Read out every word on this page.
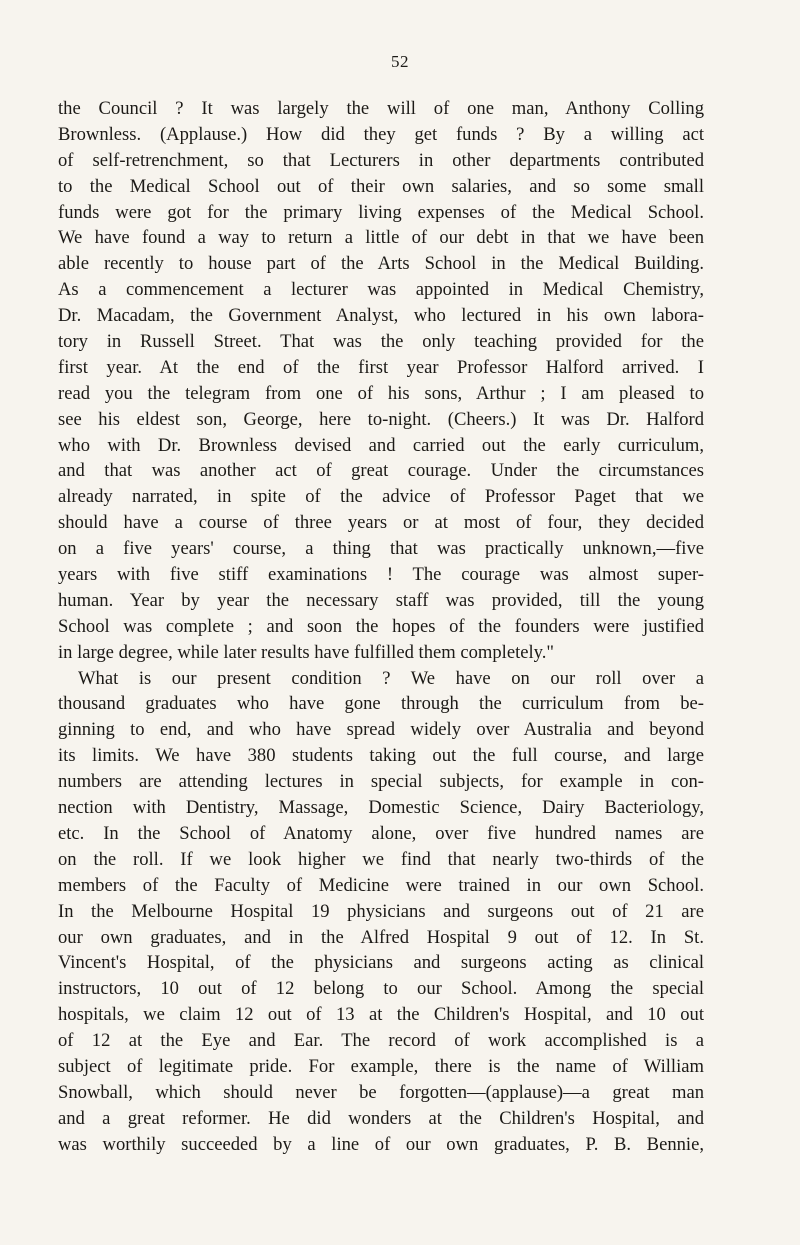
52
the Council ? It was largely the will of one man, Anthony Colling
Brownless. (Applause.) How did they get funds ? By a willing act
of self-retrenchment, so that Lecturers in other departments contributed
to the Medical School out of their own salaries, and so some small
funds were got for the primary living expenses of the Medical School.
We have found a way to return a little of our debt in that we have been
able recently to house part of the Arts School in the Medical Building.
As a commencement a lecturer was appointed in Medical Chemistry,
Dr. Macadam, the Government Analyst, who lectured in his own labora-
tory in Russell Street. That was the only teaching provided for the
first year. At the end of the first year Professor Halford arrived. I
read you the telegram from one of his sons, Arthur ; I am pleased to
see his eldest son, George, here to-night. (Cheers.) It was Dr. Halford
who with Dr. Brownless devised and carried out the early curriculum,
and that was another act of great courage. Under the circumstances
already narrated, in spite of the advice of Professor Paget that we
should have a course of three years or at most of four, they decided
on a five years' course, a thing that was practically unknown,—five
years with five stiff examinations ! The courage was almost super-
human. Year by year the necessary staff was provided, till the young
School was complete ; and soon the hopes of the founders were justified
in large degree, while later results have fulfilled them completely."
What is our present condition ? We have on our roll over a
thousand graduates who have gone through the curriculum from be-
ginning to end, and who have spread widely over Australia and beyond
its limits. We have 380 students taking out the full course, and large
numbers are attending lectures in special subjects, for example in con-
nection with Dentistry, Massage, Domestic Science, Dairy Bacteriology,
etc. In the School of Anatomy alone, over five hundred names are
on the roll. If we look higher we find that nearly two-thirds of the
members of the Faculty of Medicine were trained in our own School.
In the Melbourne Hospital 19 physicians and surgeons out of 21 are
our own graduates, and in the Alfred Hospital 9 out of 12. In St.
Vincent's Hospital, of the physicians and surgeons acting as clinical
instructors, 10 out of 12 belong to our School. Among the special
hospitals, we claim 12 out of 13 at the Children's Hospital, and 10 out
of 12 at the Eye and Ear. The record of work accomplished is a
subject of legitimate pride. For example, there is the name of William
Snowball, which should never be forgotten—(applause)—a great man
and a great reformer. He did wonders at the Children's Hospital, and
was worthily succeeded by a line of our own graduates, P. B. Bennie,
